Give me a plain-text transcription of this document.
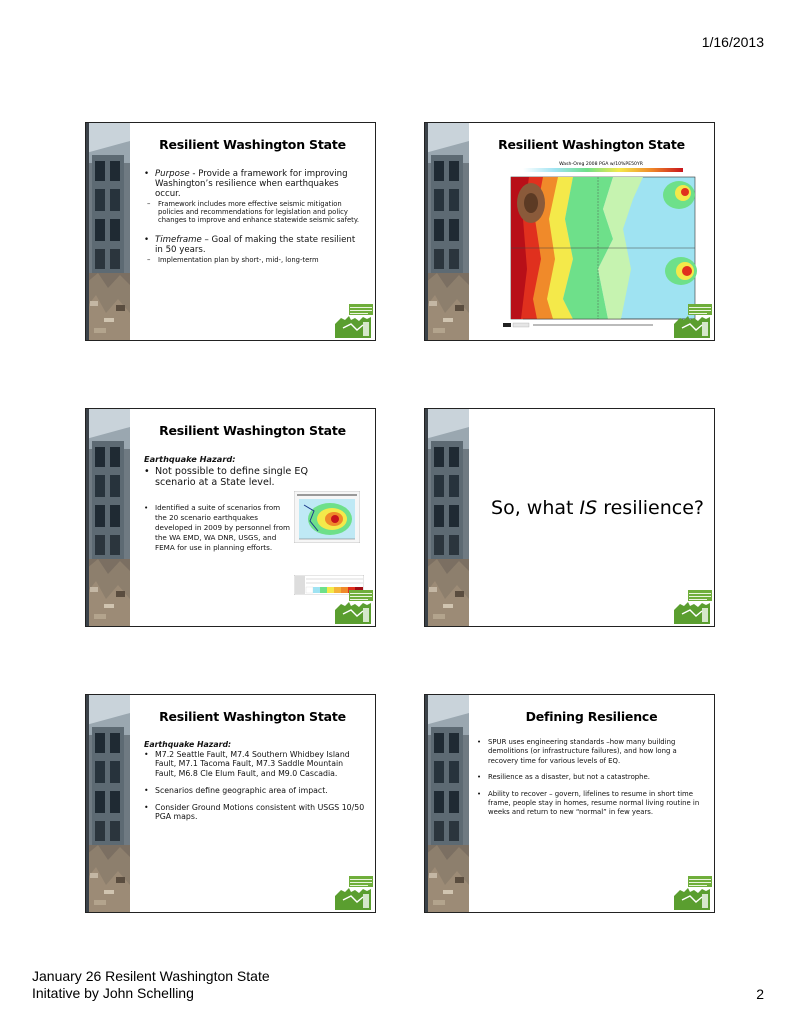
1/16/2013
January 26 Resilent Washington State
Initative by John Schelling	2
Resilient Washington State
• Purpose - Provide a framework for improving Washington’s resilience when earthquakes occur.
– Framework includes more effective seismic mitigation policies and recommendations for legislation and policy changes to improve and enhance statewide seismic safety.
• Timeframe – Goal of making the state resilient in 50 years.
– Implementation plan by short-, mid-, long-term
Resilient Washington State
Wash-Oreg 2008 PGA w/10%PE50YR
Resilient Washington State
Earthquake Hazard:
• Not possible to define single EQ scenario at a State level.
• Identified a suite of scenarios from the 20 scenario earthquakes developed in 2009 by personnel from the WA EMD, WA DNR, USGS, and FEMA for use in planning efforts.
So, what IS resilience?
Resilient Washington State
Earthquake Hazard:
• M7.2 Seattle Fault, M7.4 Southern Whidbey Island Fault, M7.1 Tacoma Fault, M7.3 Saddle Mountain Fault, M6.8 Cle Elum Fault, and M9.0 Cascadia.
• Scenarios define geographic area of impact.
• Consider Ground Motions consistent with USGS 10/50 PGA maps.
Defining Resilience
• SPUR uses engineering standards –how many building demolitions (or infrastructure failures), and how long a recovery time for various levels of EQ.
• Resilience as a disaster, but not a catastrophe.
• Ability to recover – govern, lifelines to resume in short time frame, people stay in homes, resume normal living routine in weeks and return to new “normal” in few years.
